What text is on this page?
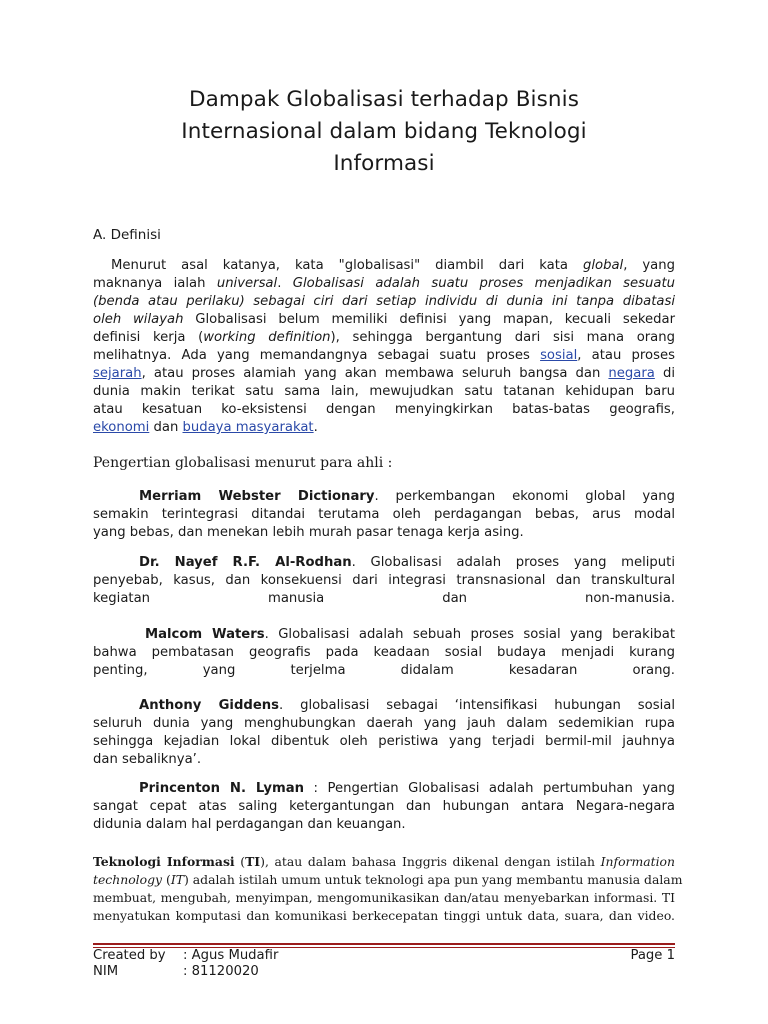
Dampak Globalisasi terhadap Bisnis
Internasional dalam bidang Teknologi
Informasi
A. Definisi
Menurut asal katanya, kata "globalisasi" diambil dari kata global, yang
maknanya ialah universal. Globalisasi adalah suatu proses menjadikan sesuatu
(benda atau perilaku) sebagai ciri dari setiap individu di dunia ini tanpa dibatasi
oleh wilayah Globalisasi belum memiliki definisi yang mapan, kecuali sekedar
definisi kerja (working definition), sehingga bergantung dari sisi mana orang
melihatnya. Ada yang memandangnya sebagai suatu proses sosial, atau proses
sejarah, atau proses alamiah yang akan membawa seluruh bangsa dan negara di
dunia makin terikat satu sama lain, mewujudkan satu tatanan kehidupan baru
atau kesatuan ko-eksistensi dengan menyingkirkan batas-batas geografis,
ekonomi dan budaya masyarakat.
Pengertian globalisasi menurut para ahli :
Merriam Webster Dictionary. perkembangan ekonomi global yang
semakin terintegrasi ditandai terutama oleh perdagangan bebas, arus modal
yang bebas, dan menekan lebih murah pasar tenaga kerja asing.
Dr. Nayef R.F. Al-Rodhan. Globalisasi adalah proses yang meliputi
penyebab, kasus, dan konsekuensi dari integrasi transnasional dan transkultural
kegiatan manusia dan non-manusia.
Malcom Waters. Globalisasi adalah sebuah proses sosial yang berakibat
bahwa pembatasan geografis pada keadaan sosial budaya menjadi kurang
penting, yang terjelma didalam kesadaran orang.
Anthony Giddens. globalisasi sebagai ‘intensifikasi hubungan sosial
seluruh dunia yang menghubungkan daerah yang jauh dalam sedemikian rupa
sehingga kejadian lokal dibentuk oleh peristiwa yang terjadi bermil-mil jauhnya
dan sebaliknya’.
Princenton N. Lyman : Pengertian Globalisasi adalah pertumbuhan yang
sangat cepat atas saling ketergantungan dan hubungan antara Negara-negara
didunia dalam hal perdagangan dan keuangan.
Teknologi Informasi (TI), atau dalam bahasa Inggris dikenal dengan istilah Information
technology (IT) adalah istilah umum untuk teknologi apa pun yang membantu manusia dalam
membuat, mengubah, menyimpan, mengomunikasikan dan/atau menyebarkan informasi. TI
menyatukan komputasi dan komunikasi berkecepatan tinggi untuk data, suara, dan video.
Created by	: Agus Mudafir	Page 1
NIM	: 81120020
